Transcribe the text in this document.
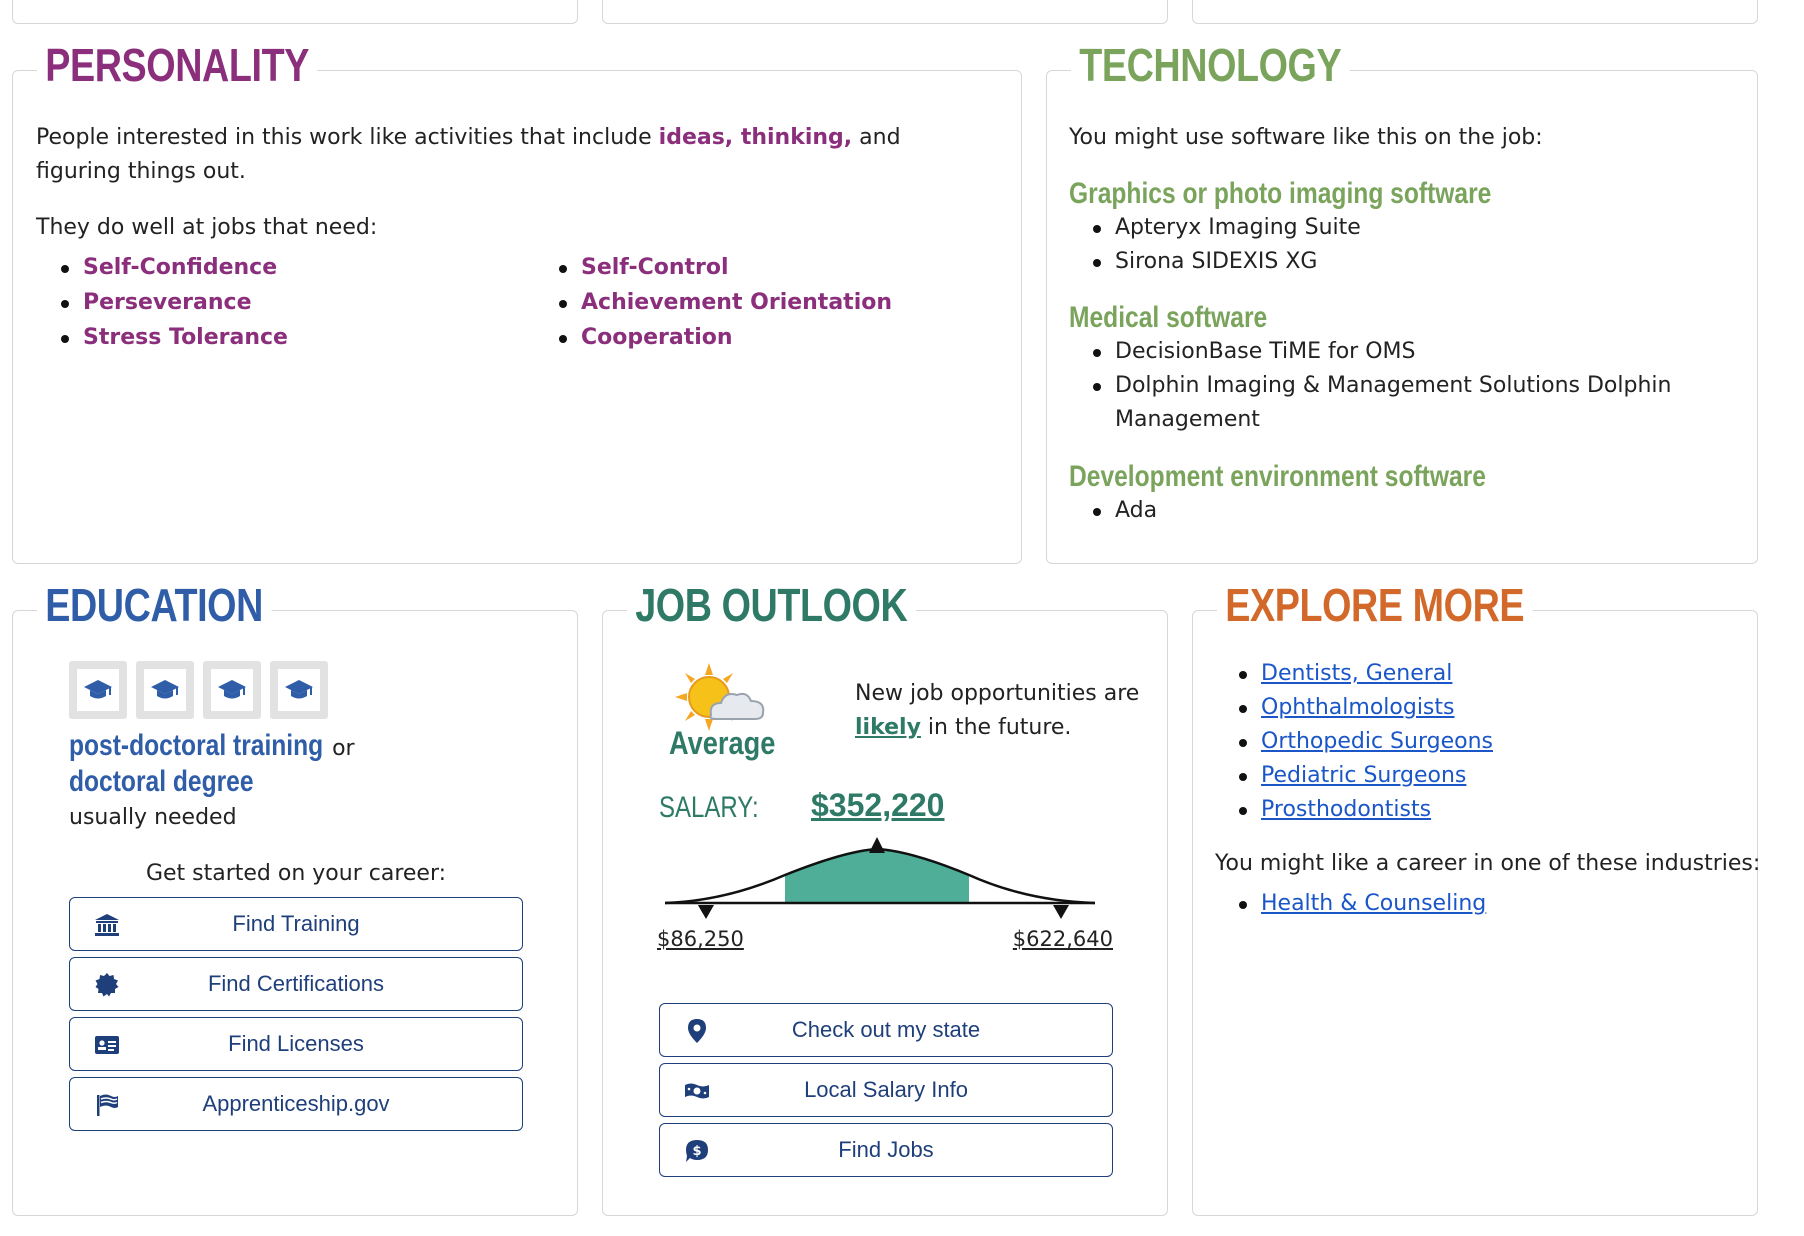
PERSONALITY

People interested in this work like activities that include ideas, thinking, and figuring things out.

They do well at jobs that need:

Self-Confidence
Perseverance
Stress Tolerance
Self-Control
Achievement Orientation
Cooperation
TECHNOLOGY

You might use software like this on the job:

Graphics or photo imaging software
Apteryx Imaging Suite
Sirona SIDEXIS XG
Medical software
DecisionBase TiME for OMS
Dolphin Imaging & Management Solutions Dolphin Management
Development environment software
Ada
EDUCATION
post-doctoral training or
doctoral degree
usually needed

Get started on your career:

Find Training
Find Certifications
Find Licenses
Apprenticeship.gov
JOB OUTLOOK
Average

New job opportunities are likely in the future.

SALARY: $352,220
$86,250	$622,640
Check out my state
Local Salary Info
$	Find Jobs
EXPLORE MORE
Dentists, General
Ophthalmologists
Orthopedic Surgeons
Pediatric Surgeons
Prosthodontists

You might like a career in one of these industries:

Health & Counseling
